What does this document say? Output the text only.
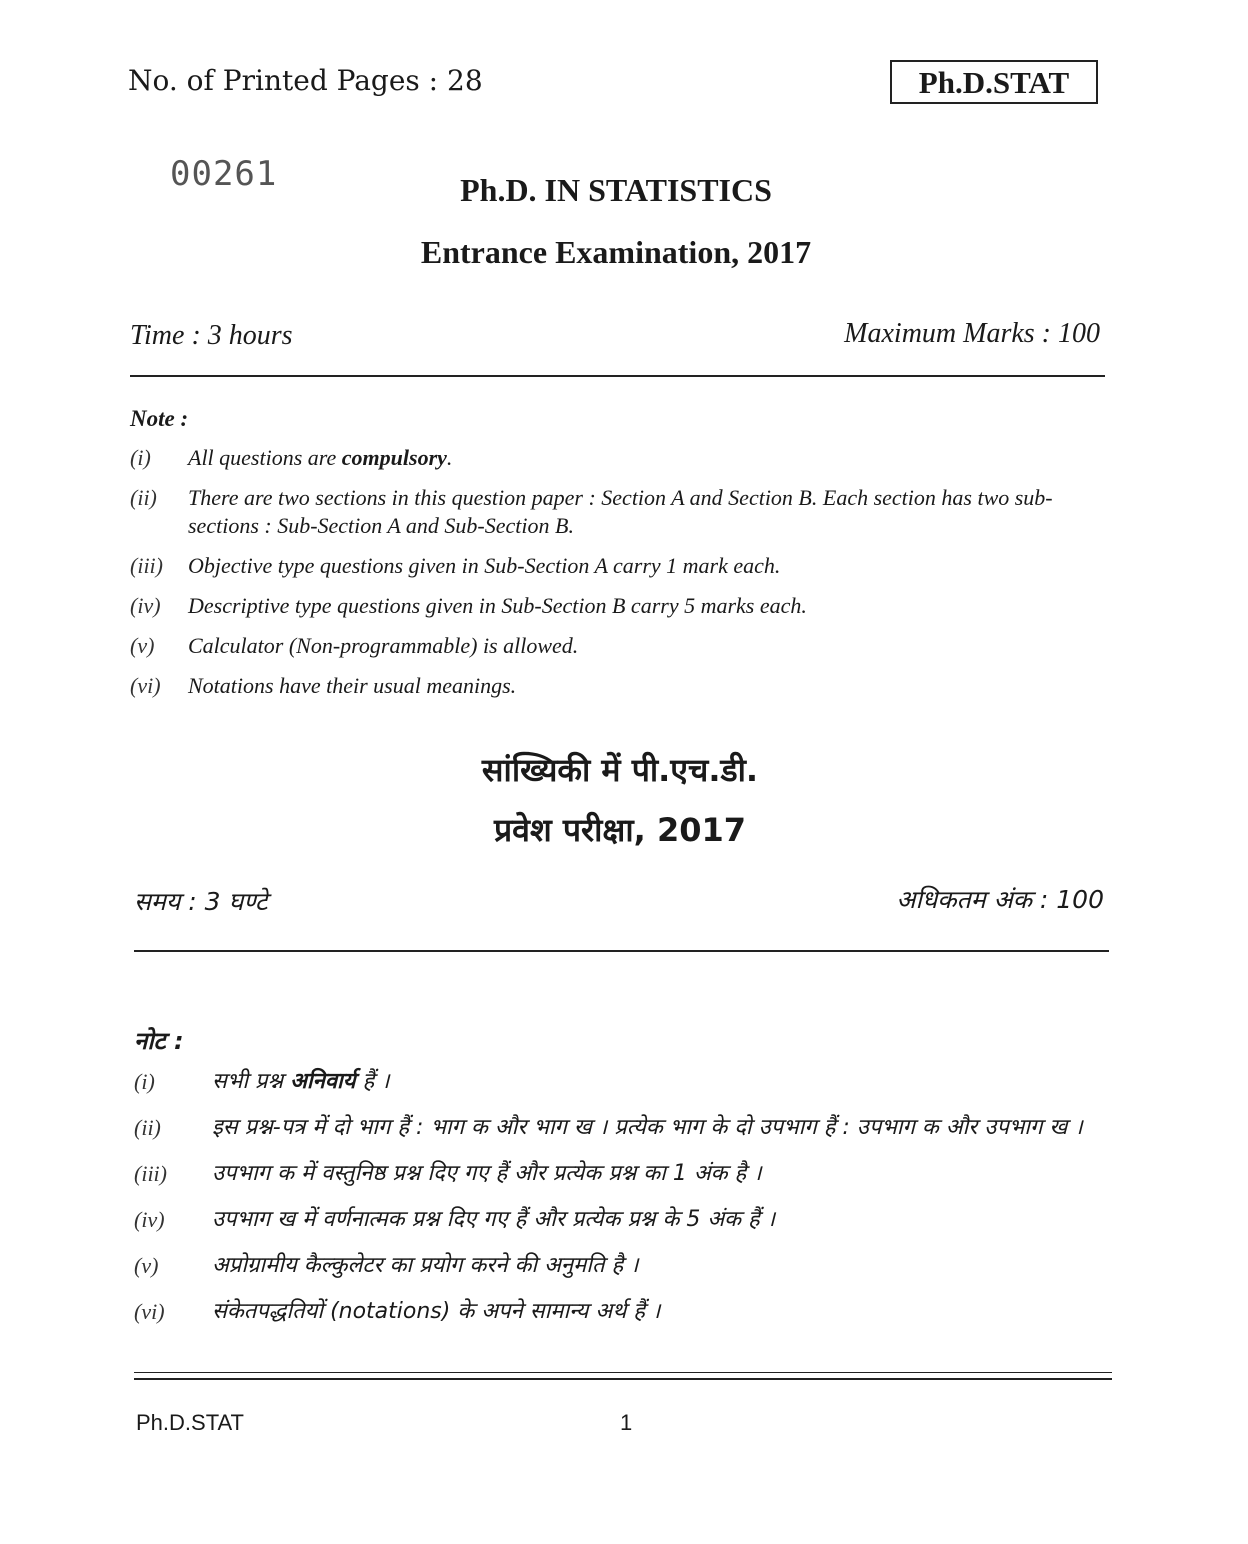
No. of Printed Pages : 28	Ph.D.STAT
00261	Ph.D. IN STATISTICS
Entrance Examination, 2017
Time : 3 hours	Maximum Marks : 100
Note :
(i)	All questions are compulsory.
(ii)	There are two sections in this question paper : Section A and Section B. Each section has two sub-sections : Sub-Section A and Sub-Section B.
(iii)	Objective type questions given in Sub-Section A carry 1 mark each.
(iv)	Descriptive type questions given in Sub-Section B carry 5 marks each.
(v)	Calculator (Non-programmable) is allowed.
(vi)	Notations have their usual meanings.
सांख्यिकी में पी.एच.डी.
प्रवेश परीक्षा, 2017
समय : 3 घण्टे	अधिकतम अंक : 100
नोट :
(i)	सभी प्रश्न अनिवार्य हैं ।
(ii)	इस प्रश्न-पत्र में दो भाग हैं : भाग क और भाग ख । प्रत्येक भाग के दो उपभाग हैं : उपभाग क और उपभाग ख ।
(iii)	उपभाग क में वस्तुनिष्ठ प्रश्न दिए गए हैं और प्रत्येक प्रश्न का 1 अंक है ।
(iv)	उपभाग ख में वर्णनात्मक प्रश्न दिए गए हैं और प्रत्येक प्रश्न के 5 अंक हैं ।
(v)	अप्रोग्रामीय कैल्कुलेटर का प्रयोग करने की अनुमति है ।
(vi)	संकेतपद्धतियों (notations) के अपने सामान्य अर्थ हैं ।
Ph.D.STAT	1
